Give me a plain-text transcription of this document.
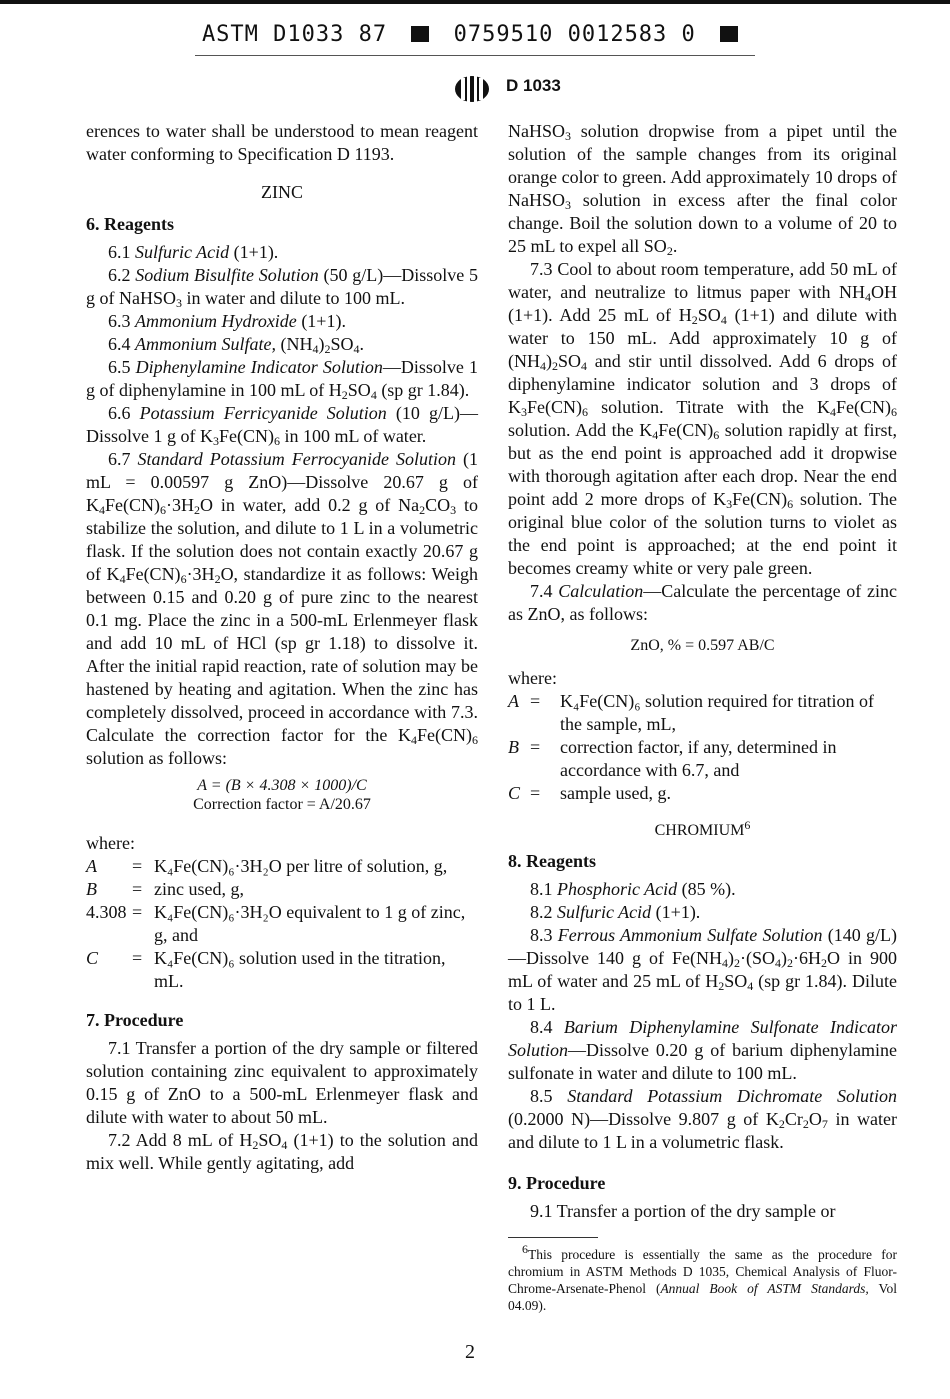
ASTM D1033 87	0759510 0012583 0
D 1033

erences to water shall be understood to mean reagent water conforming to Specification D 1193.

ZINC

6. Reagents

6.1 Sulfuric Acid (1+1).

6.2 Sodium Bisulfite Solution (50 g/L)—Dissolve 5 g of NaHSO$_3$ in water and dilute to 100 mL.

6.3 Ammonium Hydroxide (1+1).

6.4 Ammonium Sulfate, $(NH_4)_2SO_4$.

6.5 Diphenylamine Indicator Solution—Dissolve 1 g of diphenylamine in 100 mL of $H_2SO_4$ (sp gr 1.84).

6.6 Potassium Ferricyanide Solution (10 g/L)—Dissolve 1 g of $K_3Fe(CN)_6$ in 100 mL of water.

6.7 Standard Potassium Ferrocyanide Solution (1 mL = 0.00597 g ZnO)—Dissolve 20.67 g of $K_4Fe(CN)_6\cdot 3H_2O$ in water, add 0.2 g of $Na_2CO_3$ to stabilize the solution, and dilute to 1 L in a volumetric flask. If the solution does not contain exactly 20.67 g of $K_4Fe(CN)_6\cdot 3H_2O$, standardize it as follows: Weigh between 0.15 and 0.20 g of pure zinc to the nearest 0.1 mg. Place the zinc in a 500-mL Erlenmeyer flask and add 10 mL of HCl (sp gr 1.18) to dissolve it. After the initial rapid reaction, rate of solution may be hastened by heating and agitation. When the zinc has completely dissolved, proceed in accordance with 7.3. Calculate the correction factor for the $K_4Fe(CN)_6$ solution as follows:

A = (B × 4.308 × 1000)/C

Correction factor = A/20.67

where:

A	= K₄Fe(CN)₆·3H₂O per litre of solution, g,
B	= zinc used, g,
4.308 = K₄Fe(CN)₆·3H₂O equivalent to 1 g of zinc, g, and
C	= K₄Fe(CN)₆ solution used in the titration, mL.

7. Procedure

7.1 Transfer a portion of the dry sample or filtered solution containing zinc equivalent to approximately 0.15 g of ZnO to a 500-mL Erlenmeyer flask and dilute with water to about 50 mL.

7.2 Add 8 mL of $H_2SO_4$ (1+1) to the solution and mix well. While gently agitating, add

NaHSO$_3$ solution dropwise from a pipet until the solution of the sample changes from its original orange color to green. Add approximately 10 drops of NaHSO$_3$ solution in excess after the final color change. Boil the solution down to a volume of 20 to 25 mL to expel all $SO_2$.

7.3 Cool to about room temperature, add 50 mL of water, and neutralize to litmus paper with $NH_4OH$ (1+1). Add 25 mL of $H_2SO_4$ (1+1) and dilute with water to 150 mL. Add approximately 10 g of $(NH_4)_2SO_4$ and stir until dissolved. Add 6 drops of diphenylamine indicator solution and 3 drops of $K_3Fe(CN)_6$ solution. Titrate with the $K_4Fe(CN)_6$ solution. Add the $K_4Fe(CN)_6$ solution rapidly at first, but as the end point is approached add it dropwise with thorough agitation after each drop. Near the end point add 2 more drops of $K_3Fe(CN)_6$ solution. The original blue color of the solution turns to violet as the end point is approached; at the end point it becomes creamy white or very pale green.

7.4 Calculation—Calculate the percentage of zinc as ZnO, as follows:

ZnO, % = 0.597 AB/C

where:

A =	K₄Fe(CN)₆ solution required for titration of the sample, mL,
B =	correction factor, if any, determined in accordance with 6.7, and
C =	sample used, g.

CHROMIUM$^6$

8. Reagents

8.1 Phosphoric Acid (85 %).

8.2 Sulfuric Acid (1+1).

8.3 Ferrous Ammonium Sulfate Solution (140 g/L)—Dissolve 140 g of $Fe(NH_4)_2\cdot(SO_4)_2\cdot 6H_2O$ in 900 mL of water and 25 mL of $H_2SO_4$ (sp gr 1.84). Dilute to 1 L.

8.4 Barium Diphenylamine Sulfonate Indicator Solution—Dissolve 0.20 g of barium diphenylamine sulfonate in water and dilute to 100 mL.

8.5 Standard Potassium Dichromate Solution (0.2000 N)—Dissolve 9.807 g of $K_2Cr_2O_7$ in water and dilute to 1 L in a volumetric flask.

9. Procedure

9.1 Transfer a portion of the dry sample or

$^6$This procedure is essentially the same as the procedure for chromium in ASTM Methods D 1035, Chemical Analysis of Fluor-Chrome-Arsenate-Phenol (Annual Book of ASTM Standards, Vol 04.09).

2
